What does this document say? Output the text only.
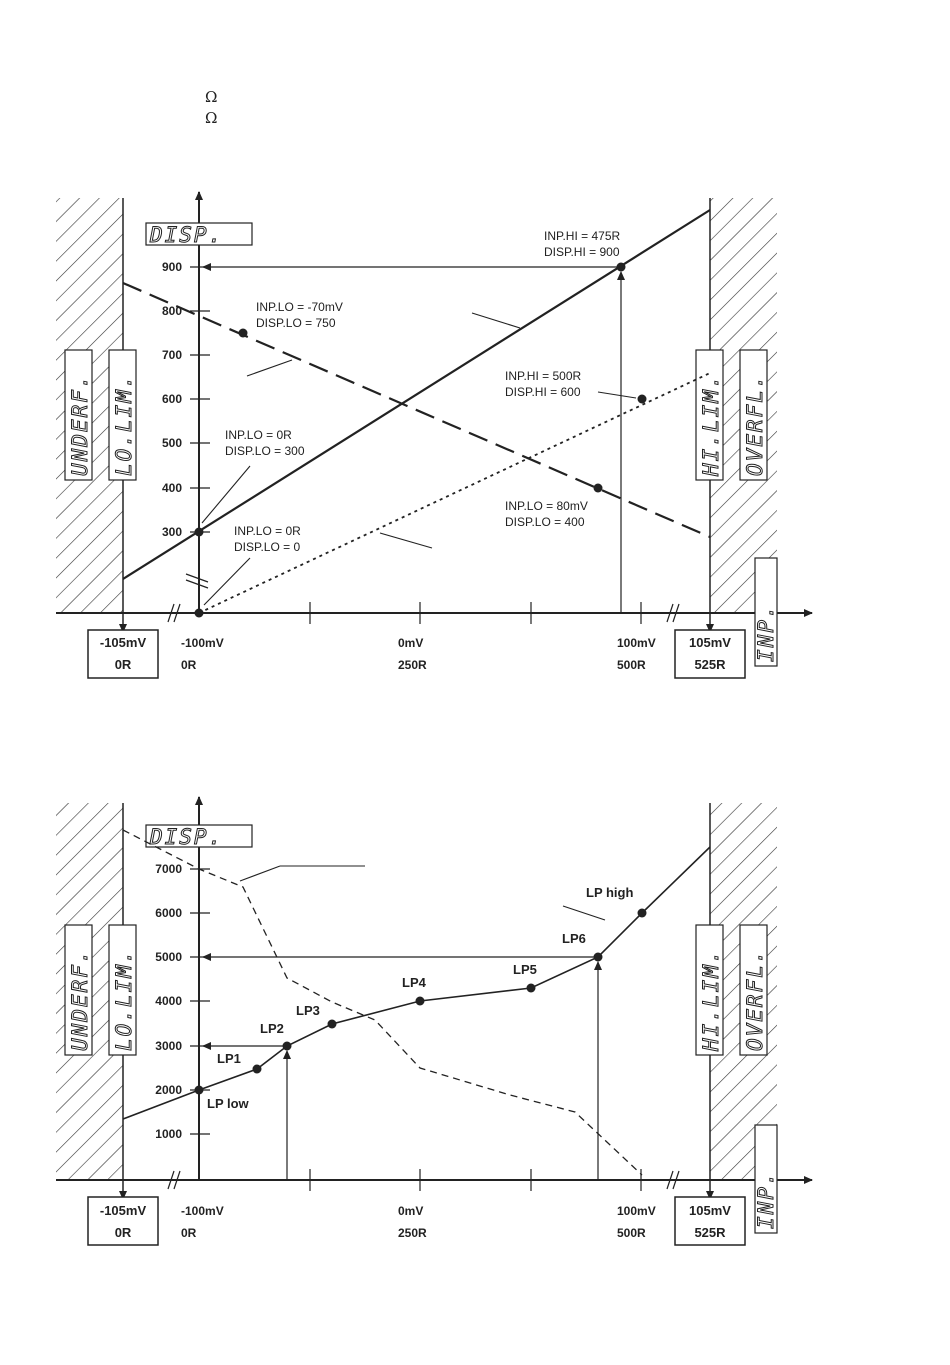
Ω
Ω
900
800
700
600
500
400
300
-100mV
0R
0mV
250R
100mV
500R
-105mV
0R
105mV
525R
DISP.
INP.
UNDERF. LO.LIM.	HI.LIM. OVERFL.
INP.HI = 475R
DISP.HI = 900
INP.LO = -70mV
DISP.LO = 750
INP.HI = 500R
DISP.HI = 600
INP.LO = 0R
DISP.LO = 300
INP.LO = 0R
DISP.LO = 0
INP.LO = 80mV
DISP.LO = 400
7000
6000
5000
4000
3000
2000
1000
-100mV
0R
0mV
250R
100mV
500R
-105mV
0R
105mV
525R
DISP.
INP.
UNDERF. LO.LIM.	HI.LIM. OVERFL.
LP low
LP1
LP2
LP3
LP4
LP5
LP6
LP high
